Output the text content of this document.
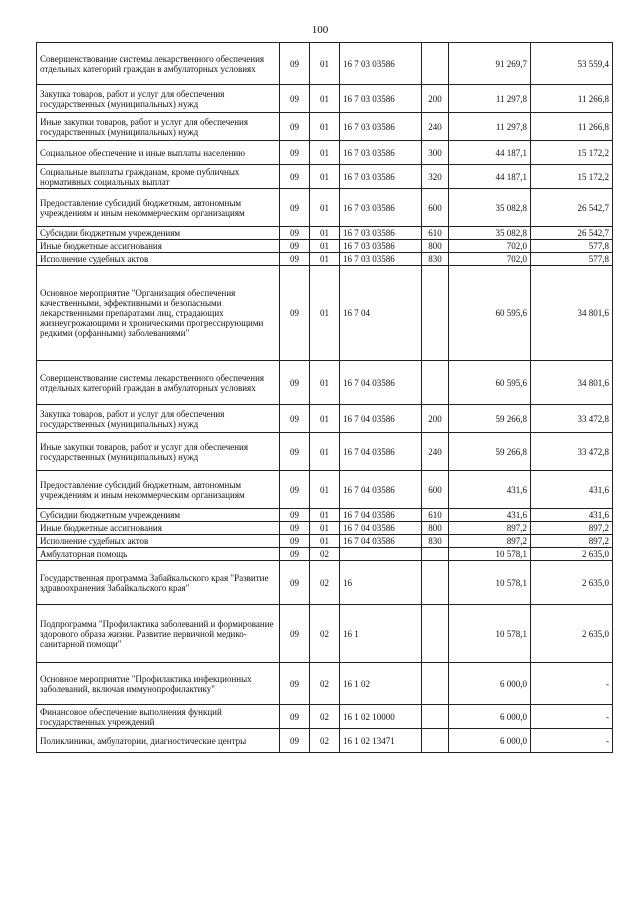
100
Совершенствование системы лекарственного обеспечения отдельных категорий граждан в амбулаторных условиях	09	01	16 7 03 03586		91 269,7	53 559,4
Закупка товаров, работ и услуг для обеспечения государственных (муниципальных) нужд	09	01	16 7 03 03586	200	11 297,8	11 266,8
Иные закупки товаров, работ и услуг для обеспечения государственных (муниципальных) нужд	09	01	16 7 03 03586	240	11 297,8	11 266,8
Социальное обеспечение и иные выплаты населению	09	01	16 7 03 03586	300	44 187,1	15 172,2
Социальные выплаты гражданам, кроме публичных нормативных социальных выплат	09	01	16 7 03 03586	320	44 187,1	15 172,2
Предоставление субсидий бюджетным, автономным учреждениям и иным некоммерческим организациям	09	01	16 7 03 03586	600	35 082,8	26 542,7
Субсидии бюджетным учреждениям	09	01	16 7 03 03586	610	35 082,8	26 542,7
Иные бюджетные ассигнования	09	01	16 7 03 03586	800	702,0	577,8
Исполнение судебных актов	09	01	16 7 03 03586	830	702,0	577,8
Основное мероприятие "Организация обеспечения качественными, эффективными и безопасными лекарственными препаратами лиц, страдающих жизнеугрожающими и хроническими прогрессирующими редкими (орфанными) заболеваниями"	09	01	16 7 04		60 595,6	34 801,6
Совершенствование системы лекарственного обеспечения отдельных категорий граждан в амбулаторных условиях	09	01	16 7 04 03586		60 595,6	34 801,6
Закупка товаров, работ и услуг для обеспечения государственных (муниципальных) нужд	09	01	16 7 04 03586	200	59 266,8	33 472,8
Иные закупки товаров, работ и услуг для обеспечения государственных (муниципальных) нужд	09	01	16 7 04 03586	240	59 266,8	33 472,8
Предоставление субсидий бюджетным, автономным учреждениям и иным некоммерческим организациям	09	01	16 7 04 03586	600	431,6	431,6
Субсидии бюджетным учреждениям	09	01	16 7 04 03586	610	431,6	431,6
Иные бюджетные ассигнования	09	01	16 7 04 03586	800	897,2	897,2
Исполнение судебных актов	09	01	16 7 04 03586	830	897,2	897,2
Амбулаторная помощь	09	02			10 578,1	2 635,0
Государственная программа Забайкальского края "Развитие здравоохранения Забайкальского края"	09	02	16		10 578,1	2 635,0
Подпрограмма "Профилактика заболеваний и формирование здорового образа жизни. Развитие первичной медико-санитарной помощи"	09	02	16 1		10 578,1	2 635,0
Основное мероприятие "Профилактика инфекционных заболеваний, включая иммунопрофилактику"	09	02	16 1 02		6 000,0	-
Финансовое обеспечение выполнения функций государственных учреждений	09	02	16 1 02 10000		6 000,0	-
Поликлиники, амбулатории, диагностические центры	09	02	16 1 02 13471		6 000,0	-
